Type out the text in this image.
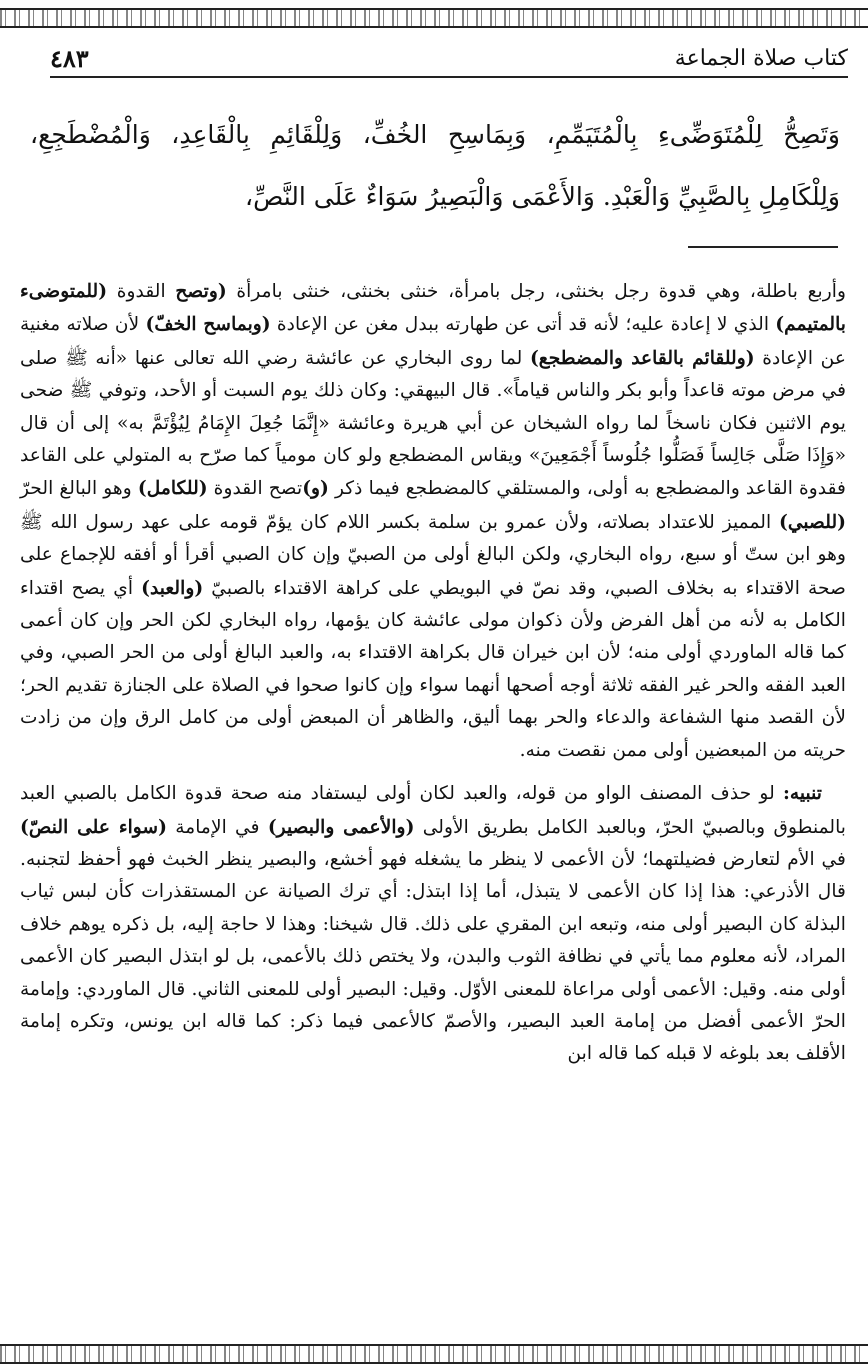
كتاب صلاة الجماعة
٤٨٣
وَتَصِحُّ لِلْمُتَوَضِّىءِ بِالْمُتَيَمِّمِ، وَبِمَاسِحِ الخُفِّ، وَلِلْقَائِمِ بِالْقَاعِدِ، وَالْمُضْطَجِعِ، وَلِلْكَامِلِ بِالصَّبِيِّ وَالْعَبْدِ. وَالأَعْمَى وَالْبَصِيرُ سَوَاءٌ عَلَى النَّصِّ،

وأربع باطلة، وهي قدوة رجل بخنثى، رجل بامرأة، خنثى بخنثى، خنثى بامرأة (وتصح القدوة (للمتوضىء بالمتيمم) الذي لا إعادة عليه؛ لأنه قد أتى عن طهارته ببدل مغن عن الإعادة (وبماسح الخفّ) لأن صلاته مغنية عن الإعادة (وللقائم بالقاعد والمضطجع) لما روى البخاري عن عائشة رضي الله تعالى عنها «أنه ﷺ صلى في مرض موته قاعداً وأبو بكر والناس قياماً». قال البيهقي: وكان ذلك يوم السبت أو الأحد، وتوفي ﷺ ضحى يوم الاثنين فكان ناسخاً لما رواه الشيخان عن أبي هريرة وعائشة «إِنَّمَا جُعِلَ الإِمَامُ لِيُؤْتَمَّ به» إلى أن قال «وَإِذَا صَلَّى جَالِساً فَصَلُّوا جُلُوساً أَجْمَعِينَ» ويقاس المضطجع ولو كان مومياً كما صرّح به المتولي على القاعد فقدوة القاعد والمضطجع به أولى، والمستلقي كالمضطجع فيما ذكر (و)تصح القدوة (للكامل) وهو البالغ الحرّ (للصبي) المميز للاعتداد بصلاته، ولأن عمرو بن سلمة بكسر اللام كان يؤمّ قومه على عهد رسول الله ﷺ وهو ابن ستّ أو سبع، رواه البخاري، ولكن البالغ أولى من الصبيّ وإن كان الصبي أقرأ أو أفقه للإجماع على صحة الاقتداء به بخلاف الصبي، وقد نصّ في البويطي على كراهة الاقتداء بالصبيّ (والعبد) أي يصح اقتداء الكامل به لأنه من أهل الفرض ولأن ذكوان مولى عائشة كان يؤمها، رواه البخاري لكن الحر وإن كان أعمى كما قاله الماوردي أولى منه؛ لأن ابن خيران قال بكراهة الاقتداء به، والعبد البالغ أولى من الحر الصبي، وفي العبد الفقه والحر غير الفقه ثلاثة أوجه أصحها أنهما سواء وإن كانوا صحوا في الصلاة على الجنازة تقديم الحر؛ لأن القصد منها الشفاعة والدعاء والحر بهما أليق، والظاهر أن المبعض أولى من كامل الرق وإن من زادت حريته من المبعضين أولى ممن نقصت منه.

تنبيه: لو حذف المصنف الواو من قوله، والعبد لكان أولى ليستفاد منه صحة قدوة الكامل بالصبي العبد بالمنطوق وبالصبيّ الحرّ، وبالعبد الكامل بطريق الأولى (والأعمى والبصير) في الإمامة (سواء على النصّ) في الأم لتعارض فضيلتهما؛ لأن الأعمى لا ينظر ما يشغله فهو أخشع، والبصير ينظر الخبث فهو أحفظ لتجنبه. قال الأذرعي: هذا إذا كان الأعمى لا يتبذل، أما إذا ابتذل: أي ترك الصيانة عن المستقذرات كأن لبس ثياب البذلة كان البصير أولى منه، وتبعه ابن المقري على ذلك. قال شيخنا: وهذا لا حاجة إليه، بل ذكره يوهم خلاف المراد، لأنه معلوم مما يأتي في نظافة الثوب والبدن، ولا يختص ذلك بالأعمى، بل لو ابتذل البصير كان الأعمى أولى منه. وقيل: الأعمى أولى مراعاة للمعنى الأوّل. وقيل: البصير أولى للمعنى الثاني. قال الماوردي: وإمامة الحرّ الأعمى أفضل من إمامة العبد البصير، والأصمّ كالأعمى فيما ذكر: كما قاله ابن يونس، وتكره إمامة الأقلف بعد بلوغه لا قبله كما قاله ابن
